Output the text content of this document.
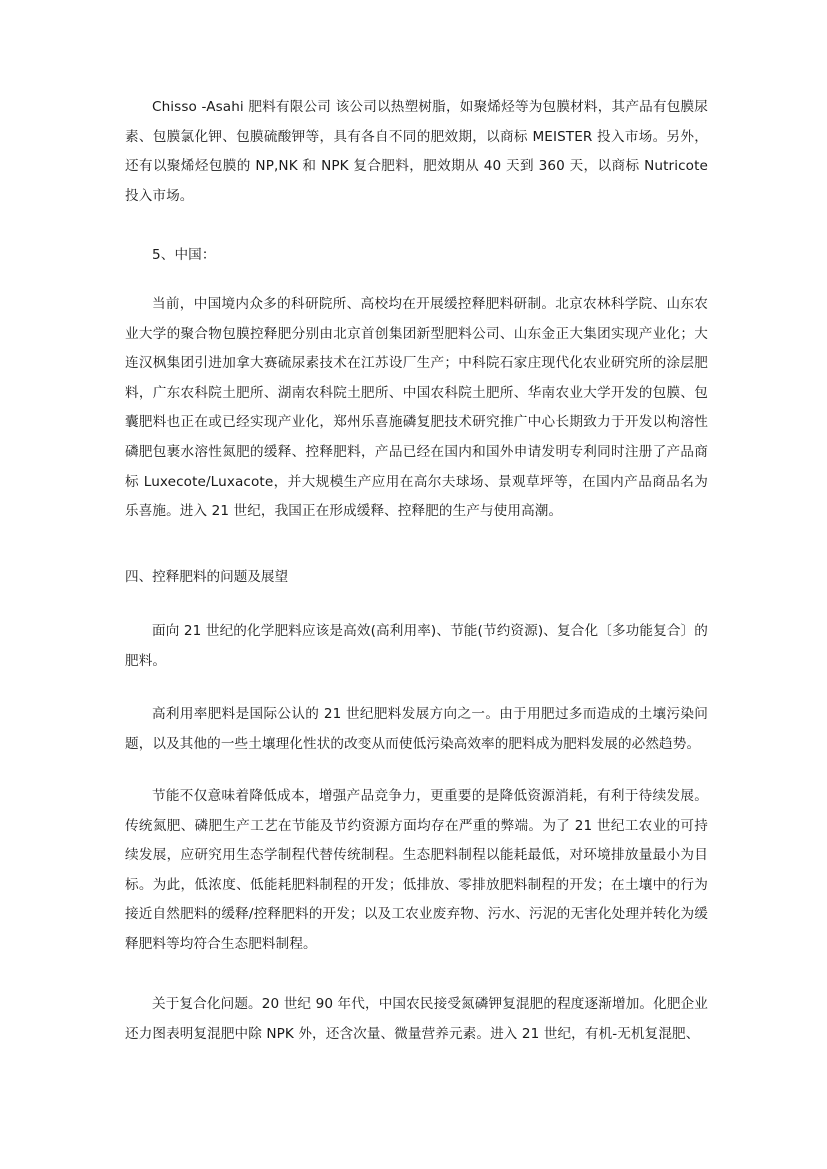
Chisso -Asahi 肥料有限公司 该公司以热塑树脂，如聚烯烃等为包膜材料，其产品有包膜尿素、包膜氯化钾、包膜硫酸钾等，具有各自不同的肥效期，以商标 MEISTER 投入市场。另外，还有以聚烯烃包膜的 NP,NK 和 NPK 复合肥料，肥效期从 40 天到 360 天，以商标 Nutricote 投入市场。

5、中国：

当前，中国境内众多的科研院所、高校均在开展缓控释肥料研制。北京农林科学院、山东农业大学的聚合物包膜控释肥分别由北京首创集团新型肥料公司、山东金正大集团实现产业化；大连汉枫集团引进加拿大赛硫尿素技术在江苏设厂生产；中科院石家庄现代化农业研究所的涂层肥料，广东农科院土肥所、湖南农科院土肥所、中国农科院土肥所、华南农业大学开发的包膜、包囊肥料也正在或已经实现产业化，郑州乐喜施磷复肥技术研究推广中心长期致力于开发以枸溶性磷肥包裹水溶性氮肥的缓释、控释肥料，产品已经在国内和国外申请发明专利同时注册了产品商标 Luxecote/Luxacote，并大规模生产应用在高尔夫球场、景观草坪等，在国内产品商品名为乐喜施。进入 21 世纪，我国正在形成缓释、控释肥的生产与使用高潮。

四、控释肥料的问题及展望

面向 21 世纪的化学肥料应该是高效(高利用率)、节能(节约资源)、复合化〔多功能复合〕的肥料。

高利用率肥料是国际公认的 21 世纪肥料发展方向之一。由于用肥过多而造成的土壤污染问题，以及其他的一些土壤理化性状的改变从而使低污染高效率的肥料成为肥料发展的必然趋势。

节能不仅意味着降低成本，增强产品竞争力，更重要的是降低资源消耗，有利于待续发展。传统氮肥、磷肥生产工艺在节能及节约资源方面均存在严重的弊端。为了 21 世纪工农业的可持续发展，应研究用生态学制程代替传统制程。生态肥料制程以能耗最低，对环境排放量最小为目标。为此，低浓度、低能耗肥料制程的开发；低排放、零排放肥料制程的开发；在土壤中的行为接近自然肥料的缓释/控释肥料的开发；以及工农业废弃物、污水、污泥的无害化处理并转化为缓释肥料等均符合生态肥料制程。

关于复合化问题。20 世纪 90 年代，中国农民接受氮磷钾复混肥的程度逐渐增加。化肥企业还力图表明复混肥中除 NPK 外，还含次量、微量营养元素。进入 21 世纪，有机-无机复混肥、
